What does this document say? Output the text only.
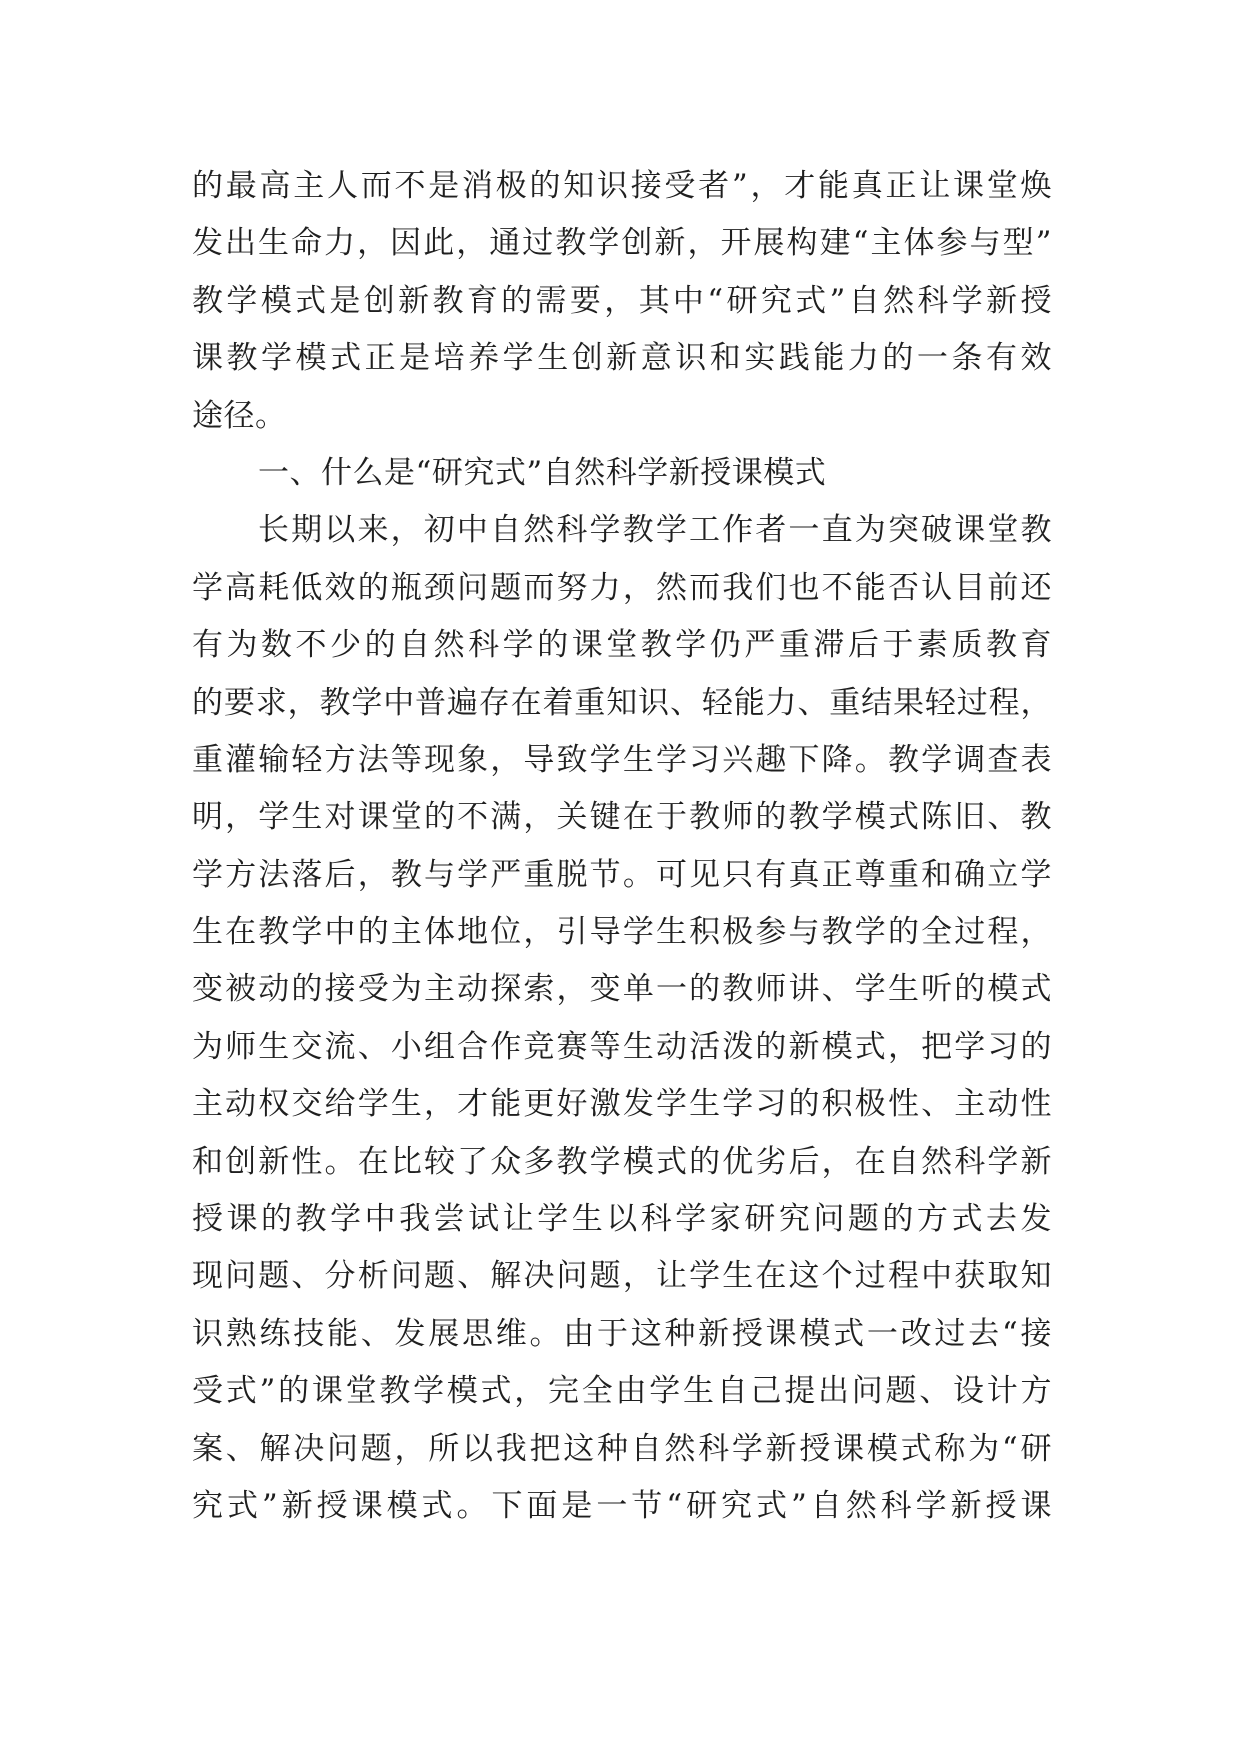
的最高主人而不是消极的知识接受者”，才能真正让课堂焕
发出生命力，因此，通过教学创新，开展构建“主体参与型”
教学模式是创新教育的需要，其中“研究式”自然科学新授
课教学模式正是培养学生创新意识和实践能力的一条有效
途径。
一、什么是“研究式”自然科学新授课模式
长期以来，初中自然科学教学工作者一直为突破课堂教
学高耗低效的瓶颈问题而努力，然而我们也不能否认目前还
有为数不少的自然科学的课堂教学仍严重滞后于素质教育
的要求，教学中普遍存在着重知识、轻能力、重结果轻过程，
重灌输轻方法等现象，导致学生学习兴趣下降。教学调查表
明，学生对课堂的不满，关键在于教师的教学模式陈旧、教
学方法落后，教与学严重脱节。可见只有真正尊重和确立学
生在教学中的主体地位，引导学生积极参与教学的全过程，
变被动的接受为主动探索，变单一的教师讲、学生听的模式
为师生交流、小组合作竞赛等生动活泼的新模式，把学习的
主动权交给学生，才能更好激发学生学习的积极性、主动性
和创新性。在比较了众多教学模式的优劣后，在自然科学新
授课的教学中我尝试让学生以科学家研究问题的方式去发
现问题、分析问题、解决问题，让学生在这个过程中获取知
识熟练技能、发展思维。由于这种新授课模式一改过去“接
受式”的课堂教学模式，完全由学生自己提出问题、设计方
案、解决问题，所以我把这种自然科学新授课模式称为“研
究式”新授课模式。下面是一节“研究式”自然科学新授课
